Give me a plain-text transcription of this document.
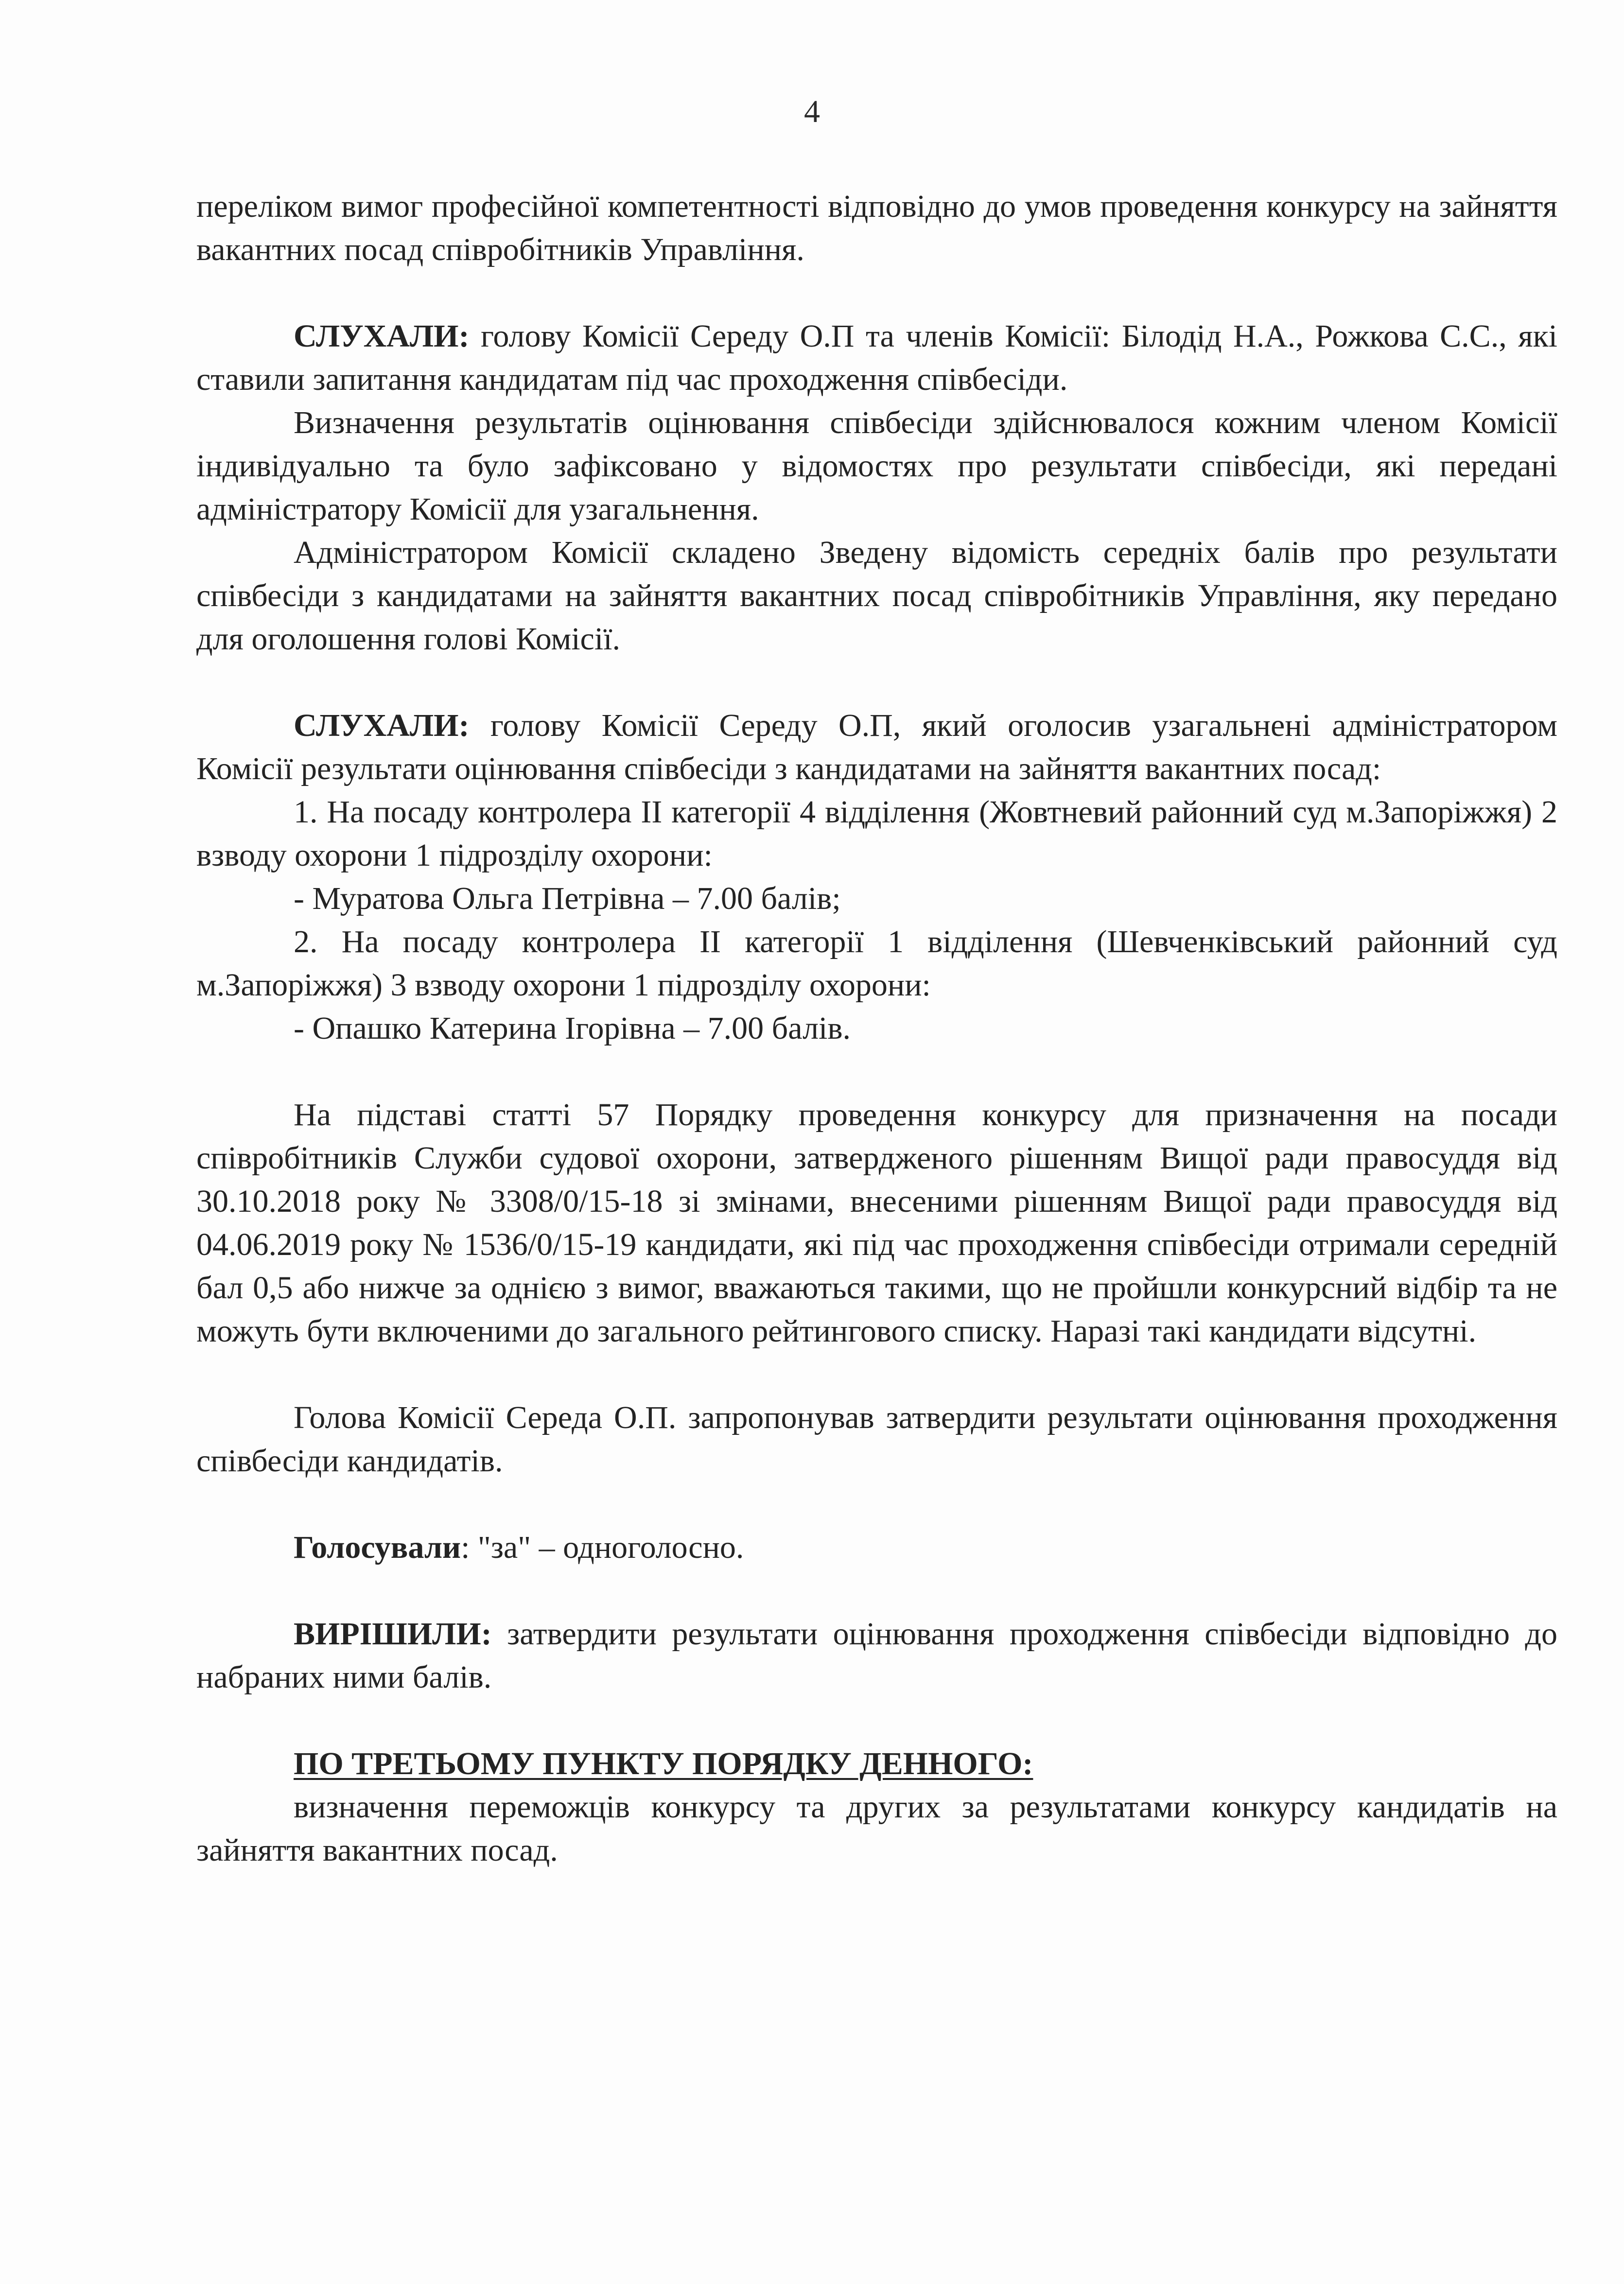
4

переліком вимог професійної компетентності відповідно до умов проведення конкурсу на зайняття вакантних посад співробітників Управління.

СЛУХАЛИ: голову Комісії Середу О.П та членів Комісії: Білодід Н.А., Рожкова С.С., які ставили запитання кандидатам під час проходження співбесіди.

Визначення результатів оцінювання співбесіди здійснювалося кожним членом Комісії індивідуально та було зафіксовано у відомостях про результати співбесіди, які передані адміністратору Комісії для узагальнення.

Адміністратором Комісії складено Зведену відомість середніх балів про результати співбесіди з кандидатами на зайняття вакантних посад співробітників Управління, яку передано для оголошення голові Комісії.

СЛУХАЛИ: голову Комісії Середу О.П, який оголосив узагальнені адміністратором Комісії результати оцінювання співбесіди з кандидатами на зайняття вакантних посад:

1. На посаду контролера ІІ категорії 4 відділення (Жовтневий районний суд м.Запоріжжя) 2 взводу охорони 1 підрозділу охорони:

- Муратова Ольга Петрівна – 7.00 балів;

2. На посаду контролера ІІ категорії 1 відділення (Шевченківський районний суд м.Запоріжжя) 3 взводу охорони 1 підрозділу охорони:

- Опашко Катерина Ігорівна – 7.00 балів.

На підставі статті 57 Порядку проведення конкурсу для призначення на посади співробітників Служби судової охорони, затвердженого рішенням Вищої ради правосуддя від 30.10.2018 року № 3308/0/15-18 зі змінами, внесеними рішенням Вищої ради правосуддя від 04.06.2019 року № 1536/0/15-19 кандидати, які під час проходження співбесіди отримали середній бал 0,5 або нижче за однією з вимог, вважаються такими, що не пройшли конкурсний відбір та не можуть бути включеними до загального рейтингового списку. Наразі такі кандидати відсутні.

Голова Комісії Середа О.П. запропонував затвердити результати оцінювання проходження співбесіди кандидатів.

Голосували: "за" – одноголосно.

ВИРІШИЛИ: затвердити результати оцінювання проходження співбесіди відповідно до набраних ними балів.

ПО ТРЕТЬОМУ ПУНКТУ ПОРЯДКУ ДЕННОГО:

визначення переможців конкурсу та других за результатами конкурсу кандидатів на зайняття вакантних посад.
